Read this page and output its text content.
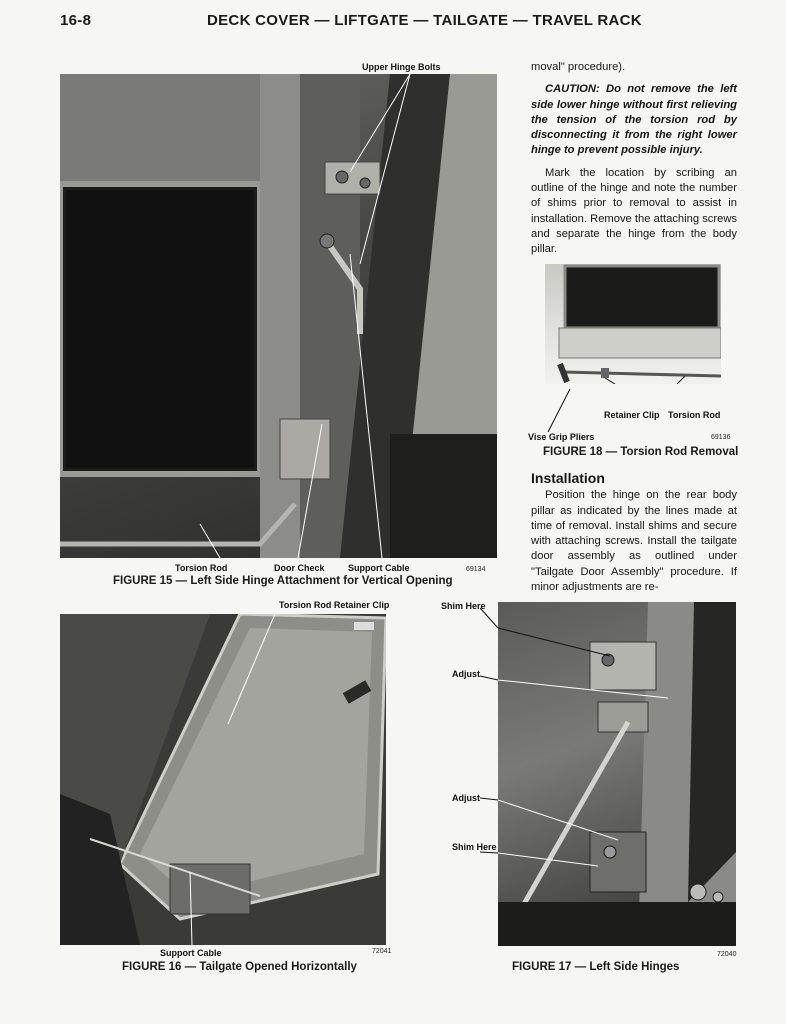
16-8	DECK COVER — LIFTGATE — TAILGATE — TRAVEL RACK
Upper Hinge Bolts
Torsion Rod	Door Check	Support Cable	69134
FIGURE 15 — Left Side Hinge Attachment for Vertical Opening

moval" procedure).

CAUTION: Do not remove the left side lower hinge without first relieving the tension of the torsion rod by disconnecting it from the right lower hinge to prevent possible injury.

Mark the location by scribing an outline of the hinge and note the number of shims prior to removal to assist in installation. Remove the attaching screws and separate the hinge from the body pillar.

Retainer Clip Torsion Rod
Vise Grip Pliers	69136
FIGURE 18 — Torsion Rod Removal
Installation

Position the hinge on the rear body pillar as indicated by the lines made at time of removal. Install shims and secure with attaching screws. Install the tailgate door assembly as outlined under "Tailgate Door Assembly" procedure. If minor adjustments are re-

Torsion Rod Retainer Clip
Support Cable	72041
FIGURE 16 — Tailgate Opened Horizontally
Shim Here
Adjust
Adjust
Shim Here
72040
FIGURE 17 — Left Side Hinges
